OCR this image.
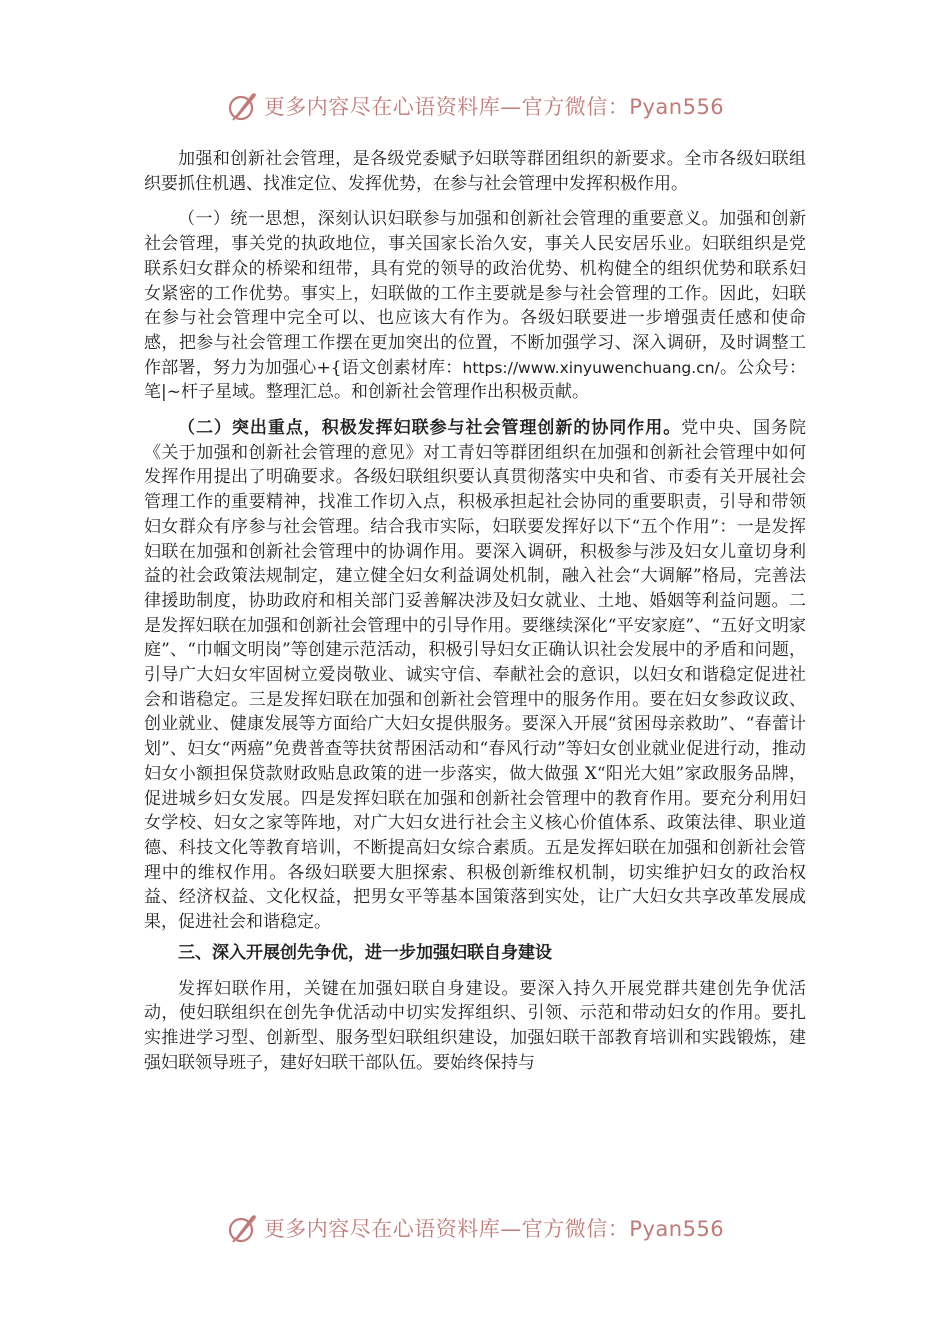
更多内容尽在心语资料库—官方微信：Pyan556

加强和创新社会管理，是各级党委赋予妇联等群团组织的新要求。全市各级妇联组织要抓住机遇、找准定位、发挥优势，在参与社会管理中发挥积极作用。

（一）统一思想，深刻认识妇联参与加强和创新社会管理的重要意义。加强和创新社会管理，事关党的执政地位，事关国家长治久安，事关人民安居乐业。妇联组织是党联系妇女群众的桥梁和纽带，具有党的领导的政治优势、机构健全的组织优势和联系妇女紧密的工作优势。事实上，妇联做的工作主要就是参与社会管理的工作。因此，妇联在参与社会管理中完全可以、也应该大有作为。各级妇联要进一步增强责任感和使命感，把参与社会管理工作摆在更加突出的位置，不断加强学习、深入调研，及时调整工作部署，努力为加强心+{语文创素材库：https://www.xinyuwenchuang.cn/。公众号：笔|~杆子星域。整理汇总。和创新社会管理作出积极贡献。

（二）突出重点，积极发挥妇联参与社会管理创新的协同作用。党中央、国务院《关于加强和创新社会管理的意见》对工青妇等群团组织在加强和创新社会管理中如何发挥作用提出了明确要求。各级妇联组织要认真贯彻落实中央和省、市委有关开展社会管理工作的重要精神，找准工作切入点，积极承担起社会协同的重要职责，引导和带领妇女群众有序参与社会管理。结合我市实际，妇联要发挥好以下“五个作用”：一是发挥妇联在加强和创新社会管理中的协调作用。要深入调研，积极参与涉及妇女儿童切身利益的社会政策法规制定，建立健全妇女利益调处机制，融入社会“大调解”格局，完善法律援助制度，协助政府和相关部门妥善解决涉及妇女就业、土地、婚姻等利益问题。二是发挥妇联在加强和创新社会管理中的引导作用。要继续深化“平安家庭”、“五好文明家庭”、“巾帼文明岗”等创建示范活动，积极引导妇女正确认识社会发展中的矛盾和问题，引导广大妇女牢固树立爱岗敬业、诚实守信、奉献社会的意识，以妇女和谐稳定促进社会和谐稳定。三是发挥妇联在加强和创新社会管理中的服务作用。要在妇女参政议政、创业就业、健康发展等方面给广大妇女提供服务。要深入开展“贫困母亲救助”、“春蕾计划”、妇女“两癌”免费普查等扶贫帮困活动和“春风行动”等妇女创业就业促进行动，推动妇女小额担保贷款财政贴息政策的进一步落实，做大做强 X“阳光大姐”家政服务品牌，促进城乡妇女发展。四是发挥妇联在加强和创新社会管理中的教育作用。要充分利用妇女学校、妇女之家等阵地，对广大妇女进行社会主义核心价值体系、政策法律、职业道德、科技文化等教育培训，不断提高妇女综合素质。五是发挥妇联在加强和创新社会管理中的维权作用。各级妇联要大胆探索、积极创新维权机制，切实维护妇女的政治权益、经济权益、文化权益，把男女平等基本国策落到实处，让广大妇女共享改革发展成果，促进社会和谐稳定。

三、深入开展创先争优，进一步加强妇联自身建设

发挥妇联作用，关键在加强妇联自身建设。要深入持久开展党群共建创先争优活动，使妇联组织在创先争优活动中切实发挥组织、引领、示范和带动妇女的作用。要扎实推进学习型、创新型、服务型妇联组织建设，加强妇联干部教育培训和实践锻炼，建强妇联领导班子，建好妇联干部队伍。要始终保持与

更多内容尽在心语资料库—官方微信：Pyan556
